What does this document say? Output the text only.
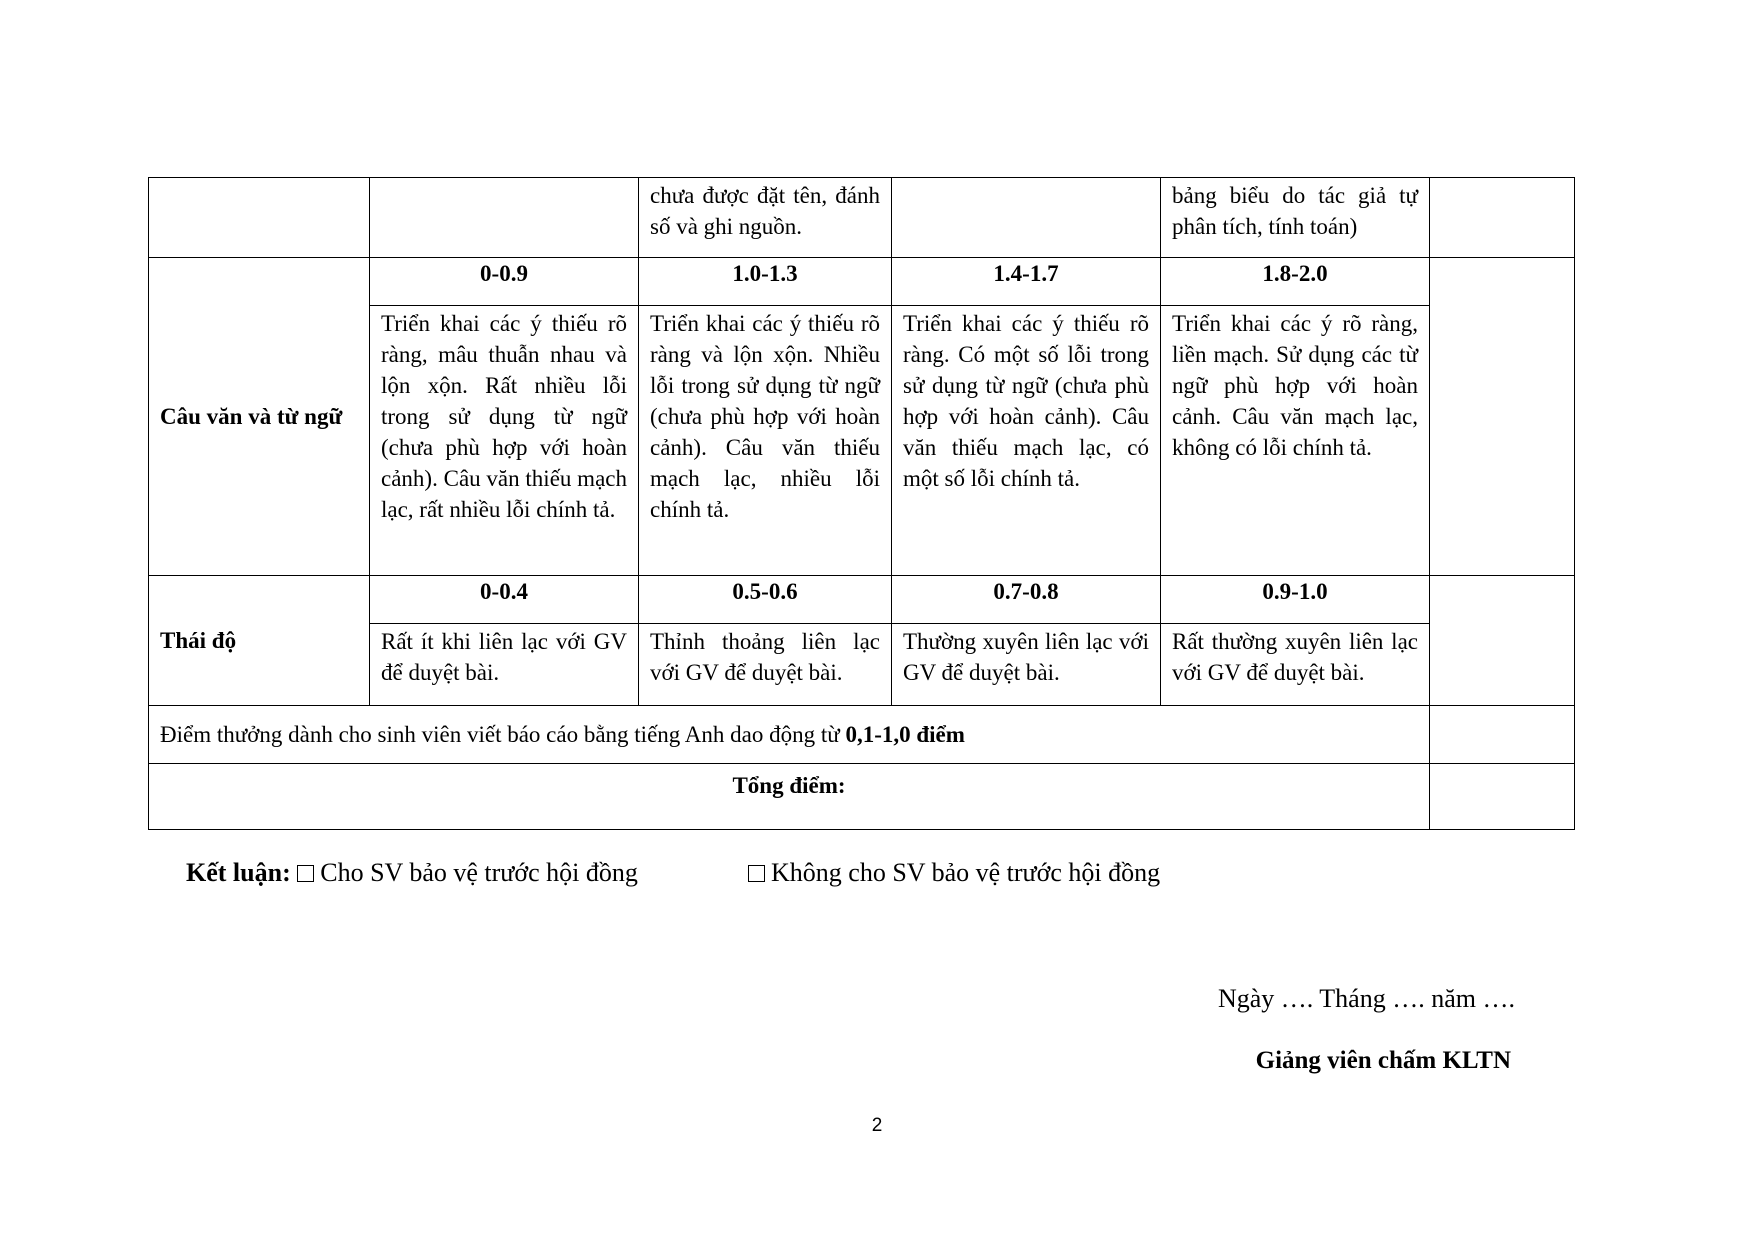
		chưa được đặt tên, đánh số và ghi nguồn.		bảng biểu do tác giả tự phân tích, tính toán)	
Câu văn và từ ngữ	0-0.9	1.0-1.3	1.4-1.7	1.8-2.0	
	Triển khai các ý thiếu rõ ràng, mâu thuẫn nhau và lộn xộn. Rất nhiều lỗi trong sử dụng từ ngữ (chưa phù hợp với hoàn cảnh). Câu văn thiếu mạch lạc, rất nhiều lỗi chính tả.	Triển khai các ý thiếu rõ ràng và lộn xộn. Nhiều lỗi trong sử dụng từ ngữ (chưa phù hợp với hoàn cảnh). Câu văn thiếu mạch lạc, nhiều lỗi chính tả.	Triển khai các ý thiếu rõ ràng. Có một số lỗi trong sử dụng từ ngữ (chưa phù hợp với hoàn cảnh). Câu văn thiếu mạch lạc, có một số lỗi chính tả.	Triển khai các ý rõ ràng, liền mạch. Sử dụng các từ ngữ phù hợp với hoàn cảnh. Câu văn mạch lạc, không có lỗi chính tả.	
Thái độ	0-0.4	0.5-0.6	0.7-0.8	0.9-1.0	
	Rất ít khi liên lạc với GV để duyệt bài.	Thỉnh thoảng liên lạc với GV để duyệt bài.	Thường xuyên liên lạc với GV để duyệt bài.	Rất thường xuyên liên lạc với GV để duyệt bài.	
Điểm thưởng dành cho sinh viên viết báo cáo bằng tiếng Anh dao động từ 0,1-1,0 điểm					
Tổng điểm:					
Kết luận: Cho SV bảo vệ trước hội đồng	Không cho SV bảo vệ trước hội đồng
Ngày …. Tháng …. năm ….
Giảng viên chấm KLTN
2
